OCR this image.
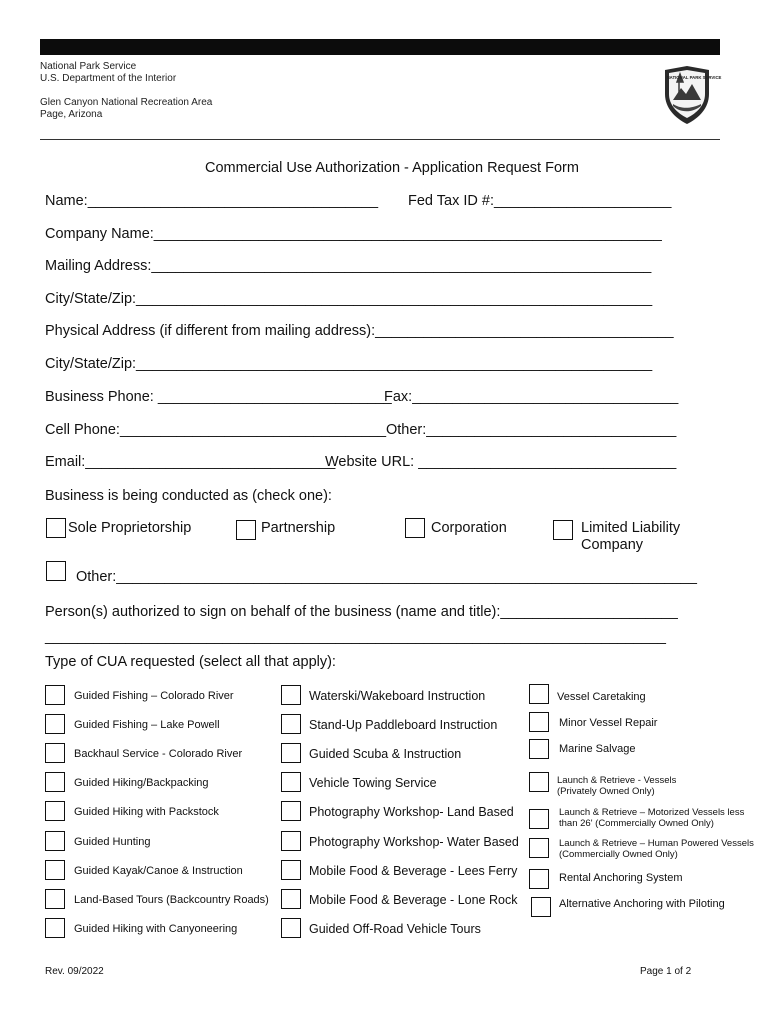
National Park Service
U.S. Department of the Interior
Glen Canyon National Recreation Area
Page, Arizona
NATIONAL PARK SERVICE
Commercial Use Authorization - Application Request Form
Name:____________________________________ Fed Tax ID #:______________________
Company Name:_______________________________________________________________
Mailing Address:______________________________________________________________
City/State/Zip:________________________________________________________________
Physical Address (if different from mailing address):_____________________________________
City/State/Zip:________________________________________________________________
Business Phone: _____________________________
Fax:_________________________________
Cell Phone:_________________________________ Other:_______________________________
Email:_______________________________
Website URL: ________________________________
Business is being conducted as (check one):
Sole Proprietorship	Partnership	Corporation	Limited Liability
Company
Other:________________________________________________________________________
Person(s) authorized to sign on behalf of the business (name and title):______________________
_____________________________________________________________________________
Type of CUA requested (select all that apply):
Guided Fishing – Colorado River
Guided Fishing – Lake Powell
Backhaul Service - Colorado River
Guided Hiking/Backpacking
Guided Hiking with Packstock
Guided Hunting
Guided Kayak/Canoe & Instruction
Land-Based Tours (Backcountry Roads)
Guided Hiking with Canyoneering
Waterski/Wakeboard Instruction
Stand-Up Paddleboard Instruction
Guided Scuba & Instruction
Vehicle Towing Service
Photography Workshop- Land Based
Photography Workshop- Water Based
Mobile Food & Beverage - Lees Ferry
Mobile Food & Beverage - Lone Rock
Guided Off-Road Vehicle Tours
Vessel Caretaking
Minor Vessel Repair
Marine Salvage
Launch & Retrieve - Vessels
(Privately Owned Only)
Launch & Retrieve – Motorized Vessels less
than 26' (Commercially Owned Only)
Launch & Retrieve – Human Powered Vessels
(Commercially Owned Only)
Rental Anchoring System
Alternative Anchoring with Piloting
Rev. 09/2022	Page 1 of 2
